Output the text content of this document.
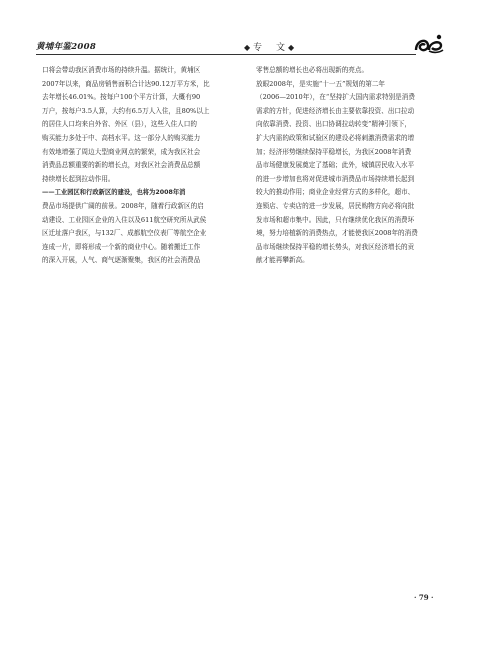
黄埔年鉴2008	◆ 专 文 ◆
口将会带动我区消费市场的持续升温。据统计，黄埔区
2007年以来，商品房销售面积合计达90.12万平方米，比
去年增长46.01%。按每户100个平方计算，大概有90
万户，按每户3.5人算，大约有6.5万人入住，且80%以上
的居住人口均来自外省、外区（县），这些入住人口的
购买能力多处于中、高档水平。这一部分人的购买能力
有效地增强了周边大型商业网点的繁荣，成为我区社会
消费品总额重要的新的增长点，对我区社会消费品总额
持续增长起到拉动作用。
——工业园区和行政新区的建设，也将为2008年消
费品市场提供广阔的前景。2008年，随着行政新区的启
动建设、工业园区企业的入住以及611航空研究所从武侯
区迁址落户我区，与132厂、成都航空仪表厂等航空企业
连成一片，即将形成一个新的商业中心。随着搬迁工作
的深入开展，人气、商气逐渐聚集，我区的社会消费品
零售总额的增长也必将出现新的亮点。
放眼2008年，是实施“十一五”规划的第二年
（2006—2010年），在“坚持扩大国内需求特别是消费
需求的方针，促进经济增长由主要依靠投资、出口拉动
向依靠消费、投资、出口协调拉动转变”精神引领下，
扩大内需的政策和试验区的建设必将刺激消费需求的增
加；经济形势继续保持平稳增长，为我区2008年消费
品市场健康发展奠定了基础；此外，城镇居民收入水平
的进一步增加也将对促进城市消费品市场持续增长起到
较大的推动作用；商业企业经营方式的多样化，超市、
连锁店、专卖店的进一步发展，居民购物方向必将向批
发市场和超市集中。因此，只有继续优化我区的消费环
境，努力培植新的消费热点，才能使我区2008年的消费
品市场继续保持平稳的增长势头，对我区经济增长的贡
献才能再攀新高。
· 79 ·
